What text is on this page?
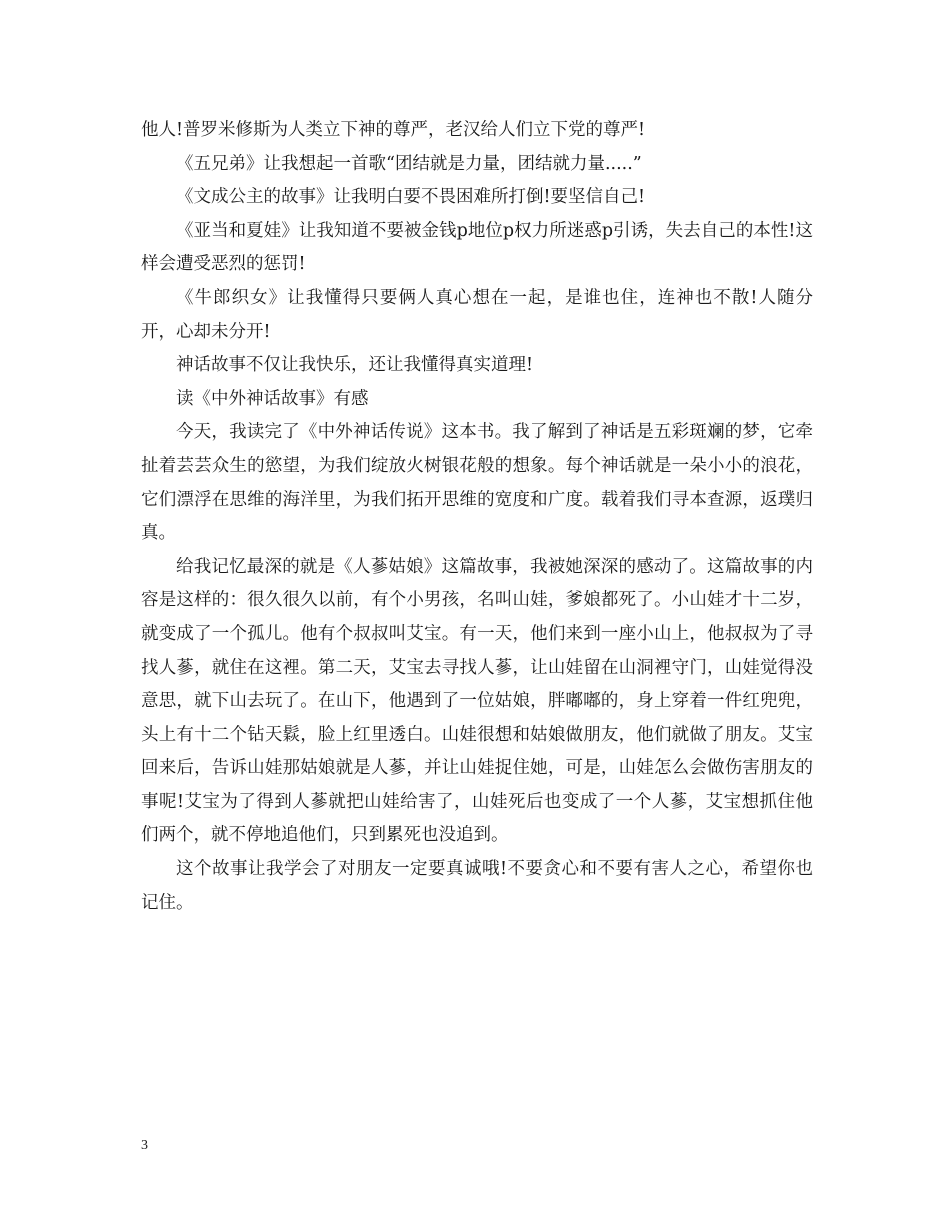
他人!普罗米修斯为人类立下神的尊严，老汉给人们立下党的尊严!

《五兄弟》让我想起一首歌“团结就是力量，团结就力量.....”

《文成公主的故事》让我明白要不畏困难所打倒!要坚信自己!

《亚当和夏娃》让我知道不要被金钱p地位p权力所迷惑p引诱，失去自己的本性!这样会遭受恶烈的惩罚!

《牛郎织女》让我懂得只要俩人真心想在一起，是谁也住，连神也不散!人随分开，心却未分开!

神话故事不仅让我快乐，还让我懂得真实道理!

读《中外神话故事》有感

今天，我读完了《中外神话传说》这本书。我了解到了神话是五彩斑斓的梦，它牵扯着芸芸众生的慾望，为我们绽放火树银花般的想象。每个神话就是一朵小小的浪花，它们漂浮在思维的海洋里，为我们拓开思维的宽度和广度。载着我们寻本查源，返璞归真。

给我记忆最深的就是《人蔘姑娘》这篇故事，我被她深深的感动了。这篇故事的内容是这样的：很久很久以前，有个小男孩，名叫山娃，爹娘都死了。小山娃才十二岁，就变成了一个孤儿。他有个叔叔叫艾宝。有一天，他们来到一座小山上，他叔叔为了寻找人蔘，就住在这裡。第二天，艾宝去寻找人蔘，让山娃留在山洞裡守门，山娃觉得没意思，就下山去玩了。在山下，他遇到了一位姑娘，胖嘟嘟的，身上穿着一件红兜兜，头上有十二个钻天鬏，脸上红里透白。山娃很想和姑娘做朋友，他们就做了朋友。艾宝回来后，告诉山娃那姑娘就是人蔘，并让山娃捉住她，可是，山娃怎么会做伤害朋友的事呢!艾宝为了得到人蔘就把山娃给害了，山娃死后也变成了一个人蔘，艾宝想抓住他们两个，就不停地追他们，只到累死也没追到。

这个故事让我学会了对朋友一定要真诚哦!不要贪心和不要有害人之心，希望你也记住。

3
